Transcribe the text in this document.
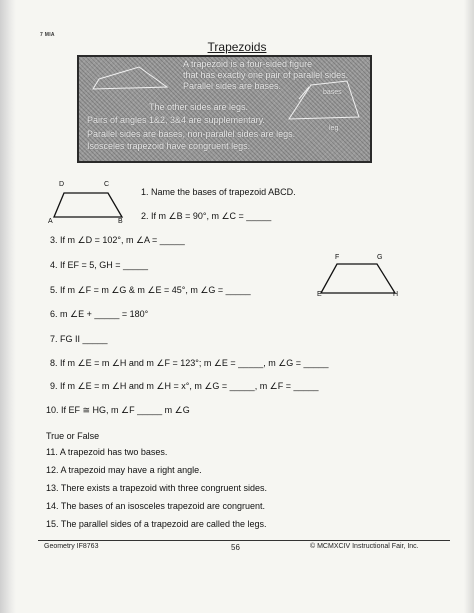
7 MIA
Trapezoids
A trapezoid is a four-sided figure
that has exactly one pair of parallel sides.
Parallel sides are bases.
The other sides are legs.
Pairs of angles 1&2, 3&4 are supplementary.
Parallel sides are bases, non-parallel sides are legs.
Isosceles trapezoid have congruent legs.
bases
leg
D	C
A	B
F	G
E	H
1. Name the bases of trapezoid ABCD.
2. If m ∠B = 90°, m ∠C = _____
3. If m ∠D = 102°, m ∠A = _____
4. If EF = 5, GH = _____
5. If m ∠F = m ∠G & m ∠E = 45°, m ∠G = _____
6. m ∠E + _____ = 180°
7. FG II _____
8. If m ∠E = m ∠H and m ∠F = 123°; m ∠E = _____, m ∠G = _____
9. If m ∠E = m ∠H and m ∠H = x°, m ∠G = _____, m ∠F = _____
10. If EF ≅ HG, m ∠F _____ m ∠G
True or False
11. A trapezoid has two bases.
12. A trapezoid may have a right angle.
13. There exists a trapezoid with three congruent sides.
14. The bases of an isosceles trapezoid are congruent.
15. The parallel sides of a trapezoid are called the legs.
Geometry IF8763	56	© MCMXCIV Instructional Fair, Inc.
